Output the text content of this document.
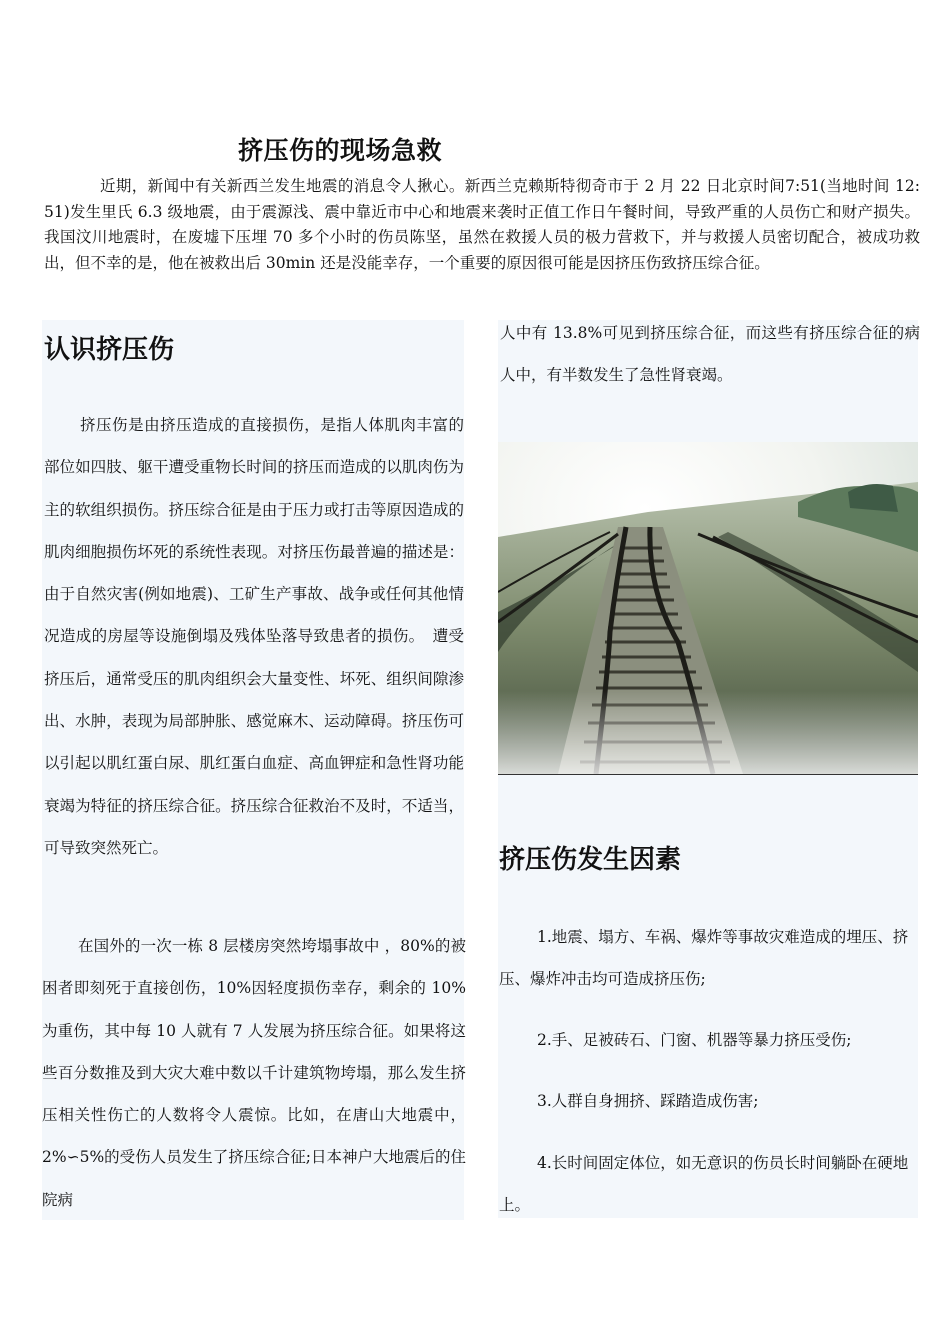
挤压伤的现场急救
近期，新闻中有关新西兰发生地震的消息令人揪心。新西兰克赖斯特彻奇市于 2 月 22 日北京时间7:51(当地时间 12: 51)发生里氏 6.3 级地震，由于震源浅、震中靠近市中心和地震来袭时正值工作日午餐时间，导致严重的人员伤亡和财产损失。我国汶川地震时，在废墟下压埋 70 多个小时的伤员陈坚，虽然在救援人员的极力营救下，并与救援人员密切配合，被成功救出，但不幸的是，他在被救出后 30min 还是没能幸存，一个重要的原因很可能是因挤压伤致挤压综合征。
认识挤压伤
挤压伤是由挤压造成的直接损伤，是指人体肌肉丰富的部位如四肢、躯干遭受重物长时间的挤压而造成的以肌肉伤为主的软组织损伤。挤压综合征是由于压力或打击等原因造成的肌肉细胞损伤坏死的系统性表现。对挤压伤最普遍的描述是：由于自然灾害(例如地震)、工矿生产事故、战争或任何其他情况造成的房屋等设施倒塌及残体坠落导致患者的损伤。　遭受挤压后，通常受压的肌肉组织会大量变性、坏死、组织间隙渗出、水肿，表现为局部肿胀、感觉麻木、运动障碍。挤压伤可以引起以肌红蛋白尿、肌红蛋白血症、高血钾症和急性肾功能衰竭为特征的挤压综合征。挤压综合征救治不及时，不适当，可导致突然死亡。
在国外的一次一栋 8 层楼房突然垮塌事故中 ，80%的被困者即刻死于直接创伤，10%因轻度损伤幸存，剩余的 10%为重伤，其中每 10 人就有 7 人发展为挤压综合征。如果将这些百分数推及到大灾大难中数以千计建筑物垮塌，那么发生挤压相关性伤亡的人数将令人震惊。比如，在唐山大地震中，2%∽5%的受伤人员发生了挤压综合征;日本神户大地震后的住院病
人中有 13.8%可见到挤压综合征，而这些有挤压综合征的病人中，有半数发生了急性肾衰竭。
挤压伤发生因素
1.地震、塌方、车祸、爆炸等事故灾难造成的埋压、挤压、爆炸冲击均可造成挤压伤;
2.手、足被砖石、门窗、机器等暴力挤压受伤;
3.人群自身拥挤、踩踏造成伤害;
4.长时间固定体位，如无意识的伤员长时间躺卧在硬地上。
